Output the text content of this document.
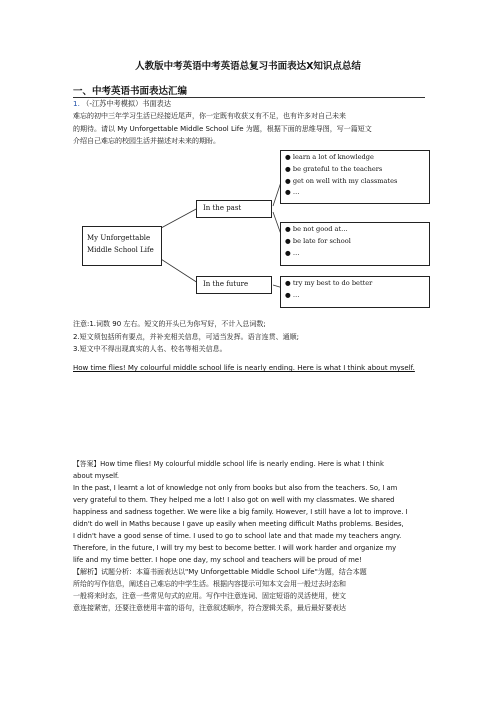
人教版中考英语中考英语总复习书面表达X知识点总结
一、中考英语书面表达汇编
1. （-江苏中考模拟）书面表达
难忘的初中三年学习生活已经接近尾声，你一定既有收获又有不足，也有许多对自己未来
的期待。请以 My Unforgettable Middle School Life 为题，根据下面的思维导图，写一篇短文
介绍自己难忘的校园生活并描述对未来的期盼。
My Unforgettable
Middle School Life
In the past
In the future
● learn a lot of knowledge
● be grateful to the teachers
● get on well with my classmates
● …
● be not good at…
● be late for school
● …
● try my best to do better
● …
注意:1.词数 90 左右。短文的开头已为你写好，不计入总词数;
2.短文须包括所有要点，并补充相关信息，可适当发挥。语言连贯、通顺;
3.短文中不得出现真实的人名、校名等相关信息。
How time flies! My colourful middle school life is nearly ending. Here is what I think about myself.
【答案】How time flies! My colourful middle school life is nearly ending. Here is what I think
about myself.
In the past, I learnt a lot of knowledge not only from books but also from the teachers. So, I am
very grateful to them. They helped me a lot! I also got on well with my classmates. We shared
happiness and sadness together. We were like a big family. However, I still have a lot to improve. I
didn't do well in Maths because I gave up easily when meeting difficult Maths problems. Besides,
I didn't have a good sense of time. I used to go to school late and that made my teachers angry.
Therefore, in the future, I will try my best to become better. I will work harder and organize my
life and my time better. I hope one day, my school and teachers will be proud of me!
【解析】试题分析：本篇书面表达以"My Unforgettable Middle School Life"为题，结合本题
所给的写作信息，阐述自己难忘的中学生活。根据内容提示可知本文会用一般过去时态和
一般将来时态，注意一些常见句式的应用。写作中注意连词、固定短语的灵活使用，使文
意连接紧密，还要注意使用丰富的语句，注意叙述顺序，符合逻辑关系，最后最好要表达
